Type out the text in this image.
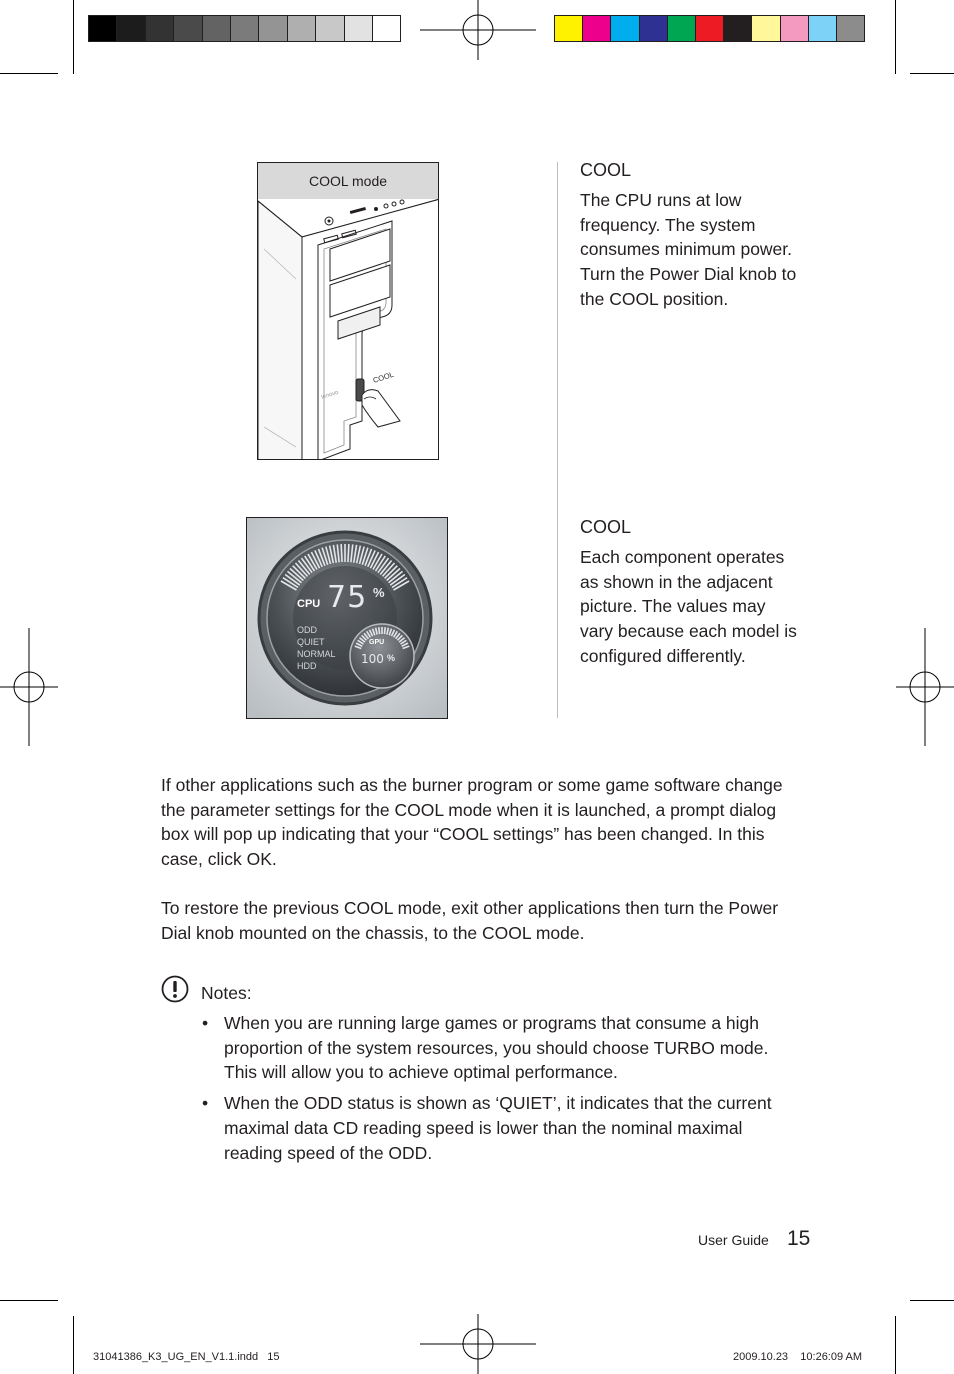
COOL mode
lenovo
COOL
CPU 75 %
ODD
QUIET
NORMAL
HDD
GPU
100 %
COOL
The CPU runs at low
frequency. The system
consumes minimum power.
Turn the Power Dial knob to
the COOL position.
COOL
Each component operates
as shown in the adjacent
picture. The values may
vary because each model is
configured differently.
If other applications such as the burner program or some game software change
the parameter settings for the COOL mode when it is launched, a prompt dialog
box will pop up indicating that your “COOL settings” has been changed. In this
case, click OK.
To restore the previous COOL mode, exit other applications then turn the Power
Dial knob mounted on the chassis, to the COOL mode.
Notes:
• When you are running large games or programs that consume a high
proportion of the system resources, you should choose TURBO mode.
This will allow you to achieve optimal performance.
• When the ODD status is shown as ‘QUIET’, it indicates that the current
maximal data CD reading speed is lower than the nominal maximal
reading speed of the ODD.
User Guide 15
31041386_K3_UG_EN_V1.1.indd   15	2009.10.23    10:26:09 AM
